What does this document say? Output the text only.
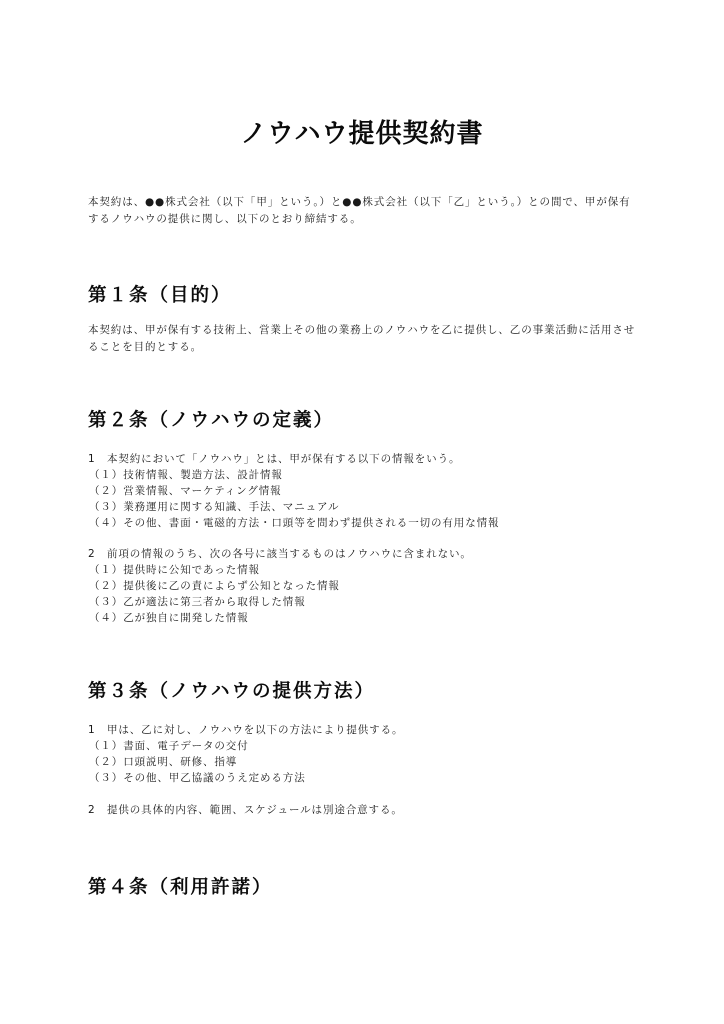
ノウハウ提供契約書

本契約は、●●株式会社（以下「甲」という。）と●●株式会社（以下「乙」という。）との間で、甲が保有するノウハウの提供に関し、以下のとおり締結する。

第１条（目的）

本契約は、甲が保有する技術上、営業上その他の業務上のノウハウを乙に提供し、乙の事業活動に活用させることを目的とする。

第２条（ノウハウの定義）
1　本契約において「ノウハウ」とは、甲が保有する以下の情報をいう。
（１）技術情報、製造方法、設計情報
（２）営業情報、マーケティング情報
（３）業務運用に関する知識、手法、マニュアル
（４）その他、書面・電磁的方法・口頭等を問わず提供される一切の有用な情報
2　前項の情報のうち、次の各号に該当するものはノウハウに含まれない。
（１）提供時に公知であった情報
（２）提供後に乙の責によらず公知となった情報
（３）乙が適法に第三者から取得した情報
（４）乙が独自に開発した情報
第３条（ノウハウの提供方法）
1　甲は、乙に対し、ノウハウを以下の方法により提供する。
（１）書面、電子データの交付
（２）口頭説明、研修、指導
（３）その他、甲乙協議のうえ定める方法
2　提供の具体的内容、範囲、スケジュールは別途合意する。
第４条（利用許諾）
